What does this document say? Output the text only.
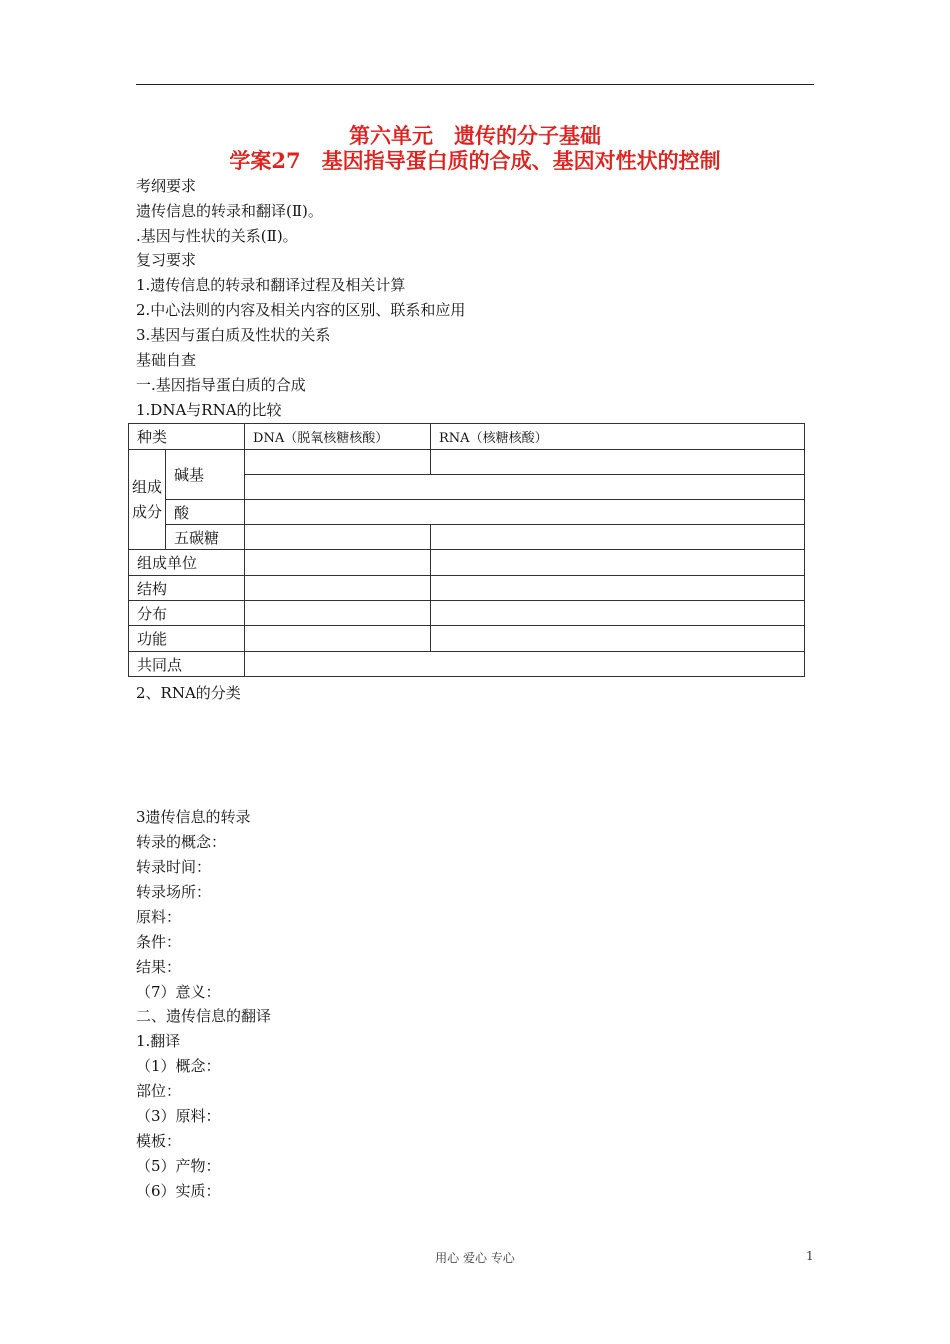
第六单元　遗传的分子基础
学案27　基因指导蛋白质的合成、基因对性状的控制
考纲要求
遗传信息的转录和翻译(Ⅱ)。
.基因与性状的关系(Ⅱ)。
复习要求
1.遗传信息的转录和翻译过程及相关计算
2.中心法则的内容及相关内容的区别、联系和应用
3.基因与蛋白质及性状的关系
基础自查
一.基因指导蛋白质的合成
1.DNA与RNA的比较
种类		DNA（脱氧核糖核酸）	RNA（核糖核酸）
组成成分	碱基		

	酸		
	五碳糖		
组成单位			
结构			
分布			
功能			
共同点			
2、RNA的分类
3遗传信息的转录
转录的概念：
转录时间：
转录场所：
原料：
条件：
结果：
（7）意义：
二、遗传信息的翻译
1.翻译
（1）概念：
部位：
（3）原料：
模板：
（5）产物：
（6）实质：
用心 爱心 专心	1
